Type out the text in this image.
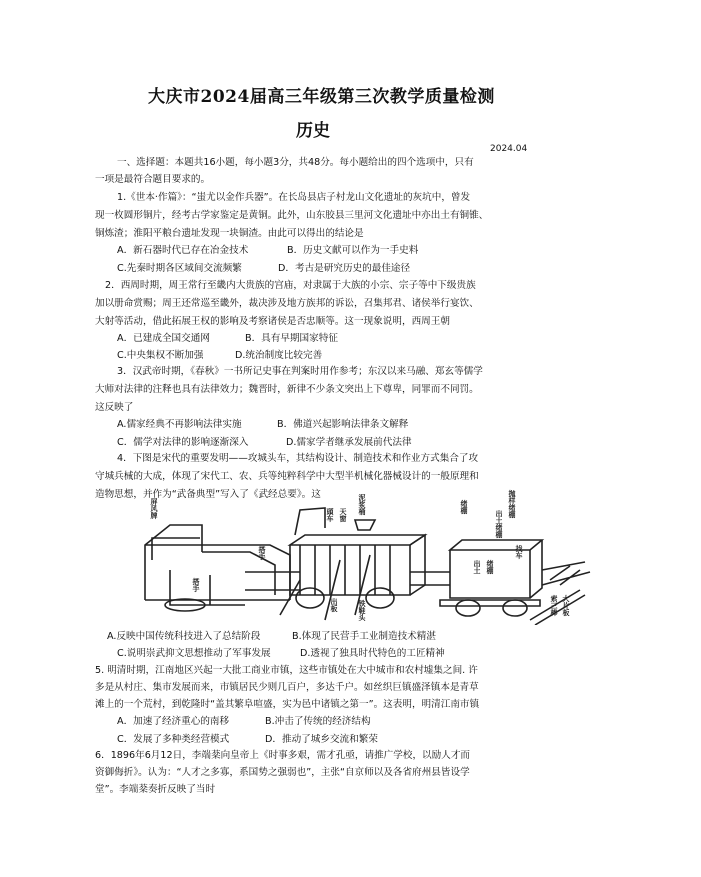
大庆市2024届高三年级第三次教学质量检测
历史
2024.04
一、选择题：本题共16小题，每小题3分，共48分。每小题给出的四个选项中，只有
一项是最符合题目要求的。
1.《世本·作篇》：“蚩尤以金作兵器”。在长岛县店子村龙山文化遗址的灰坑中，曾发
现一枚圆形铜片，经考古学家鉴定是黄铜。此外，山东胶县三里河文化遗址中亦出土有铜锥、
铜炼渣；淮阳平粮台遗址发现一块铜渣。由此可以得出的结论是
A．新石器时代已存在冶金技术	B．历史文献可以作为一手史料
C.先秦时期各区域间交流频繁	D．考古是研究历史的最佳途径
2．西周时期，周王常行至畿内大贵族的宫庙，对隶属于大族的小宗、宗子等中下级贵族
加以册命赏赐；周王还常巡至畿外，裁决涉及地方族邦的诉讼，召集邦君、诸侯举行宴饮、
大射等活动，借此拓展王权的影响及考察诸侯是否忠顺等。这一现象说明，西周王朝
A．已建成全国交通网	B．具有早期国家特征
C.中央集权不断加强	D.统治制度比较完善
3．汉武帝时期，《春秋》一书所记史事在判案时用作参考；东汉以来马融、郑玄等儒学
大师对法律的注释也具有法律效力；魏晋时，新律不少条文突出上下尊卑，同罪而不同罚。
这反映了
A.儒家经典不再影响法律实施	B．佛道兴起影响法律条文解释
C．儒学对法律的影响逐渐深入	D.儒家学者继承发展前代法律
4．下图是宋代的重要发明——攻城头车，其结构设计、制造技术和作业方式集合了攻
守城兵械的大成，体现了宋代工、农、兵等纯粹科学中大型半机械化器械设计的一般原理和
造物思想，并作为“武备典型”写入了《武经总要》。这
屏风牌
搭手
搭手
頭车 天窗 泥浆桶
出板	铁鞋头
绪棚
出土绪棚
抛样绪棚
找车
索三棒 大片板
出土 绪棚
A.反映中国传统科技进入了总结阶段	B.体现了民营手工业制造技术精湛
C.说明崇武抑文思想推动了军事发展	D.透视了独具时代特色的工匠精神
5. 明清时期，江南地区兴起一大批工商业市镇，这些市镇处在大中城市和农村墟集之间. 许
多是从村庄、集市发展而来，市镇居民少则几百户，多达千户。如丝织巨镇盛泽镇本是青草
滩上的一个荒村，到乾隆时“盖其繁阜喧盛，实为邑中诸镇之第一”。这表明，明清江南市镇
A．加速了经济重心的南移	B.冲击了传统的经济结构
C．发展了多种类经营模式	D．推动了城乡交流和繁荣
6．1896年6月12日，李端棻向皇帝上《时事多艰，需才孔亟，请推广学校，以励人才而
资御侮折》。认为：“人才之多寡，系国势之强弱也”，主张“自京师以及各省府州县皆设学
堂”。李端棻奏折反映了当时
